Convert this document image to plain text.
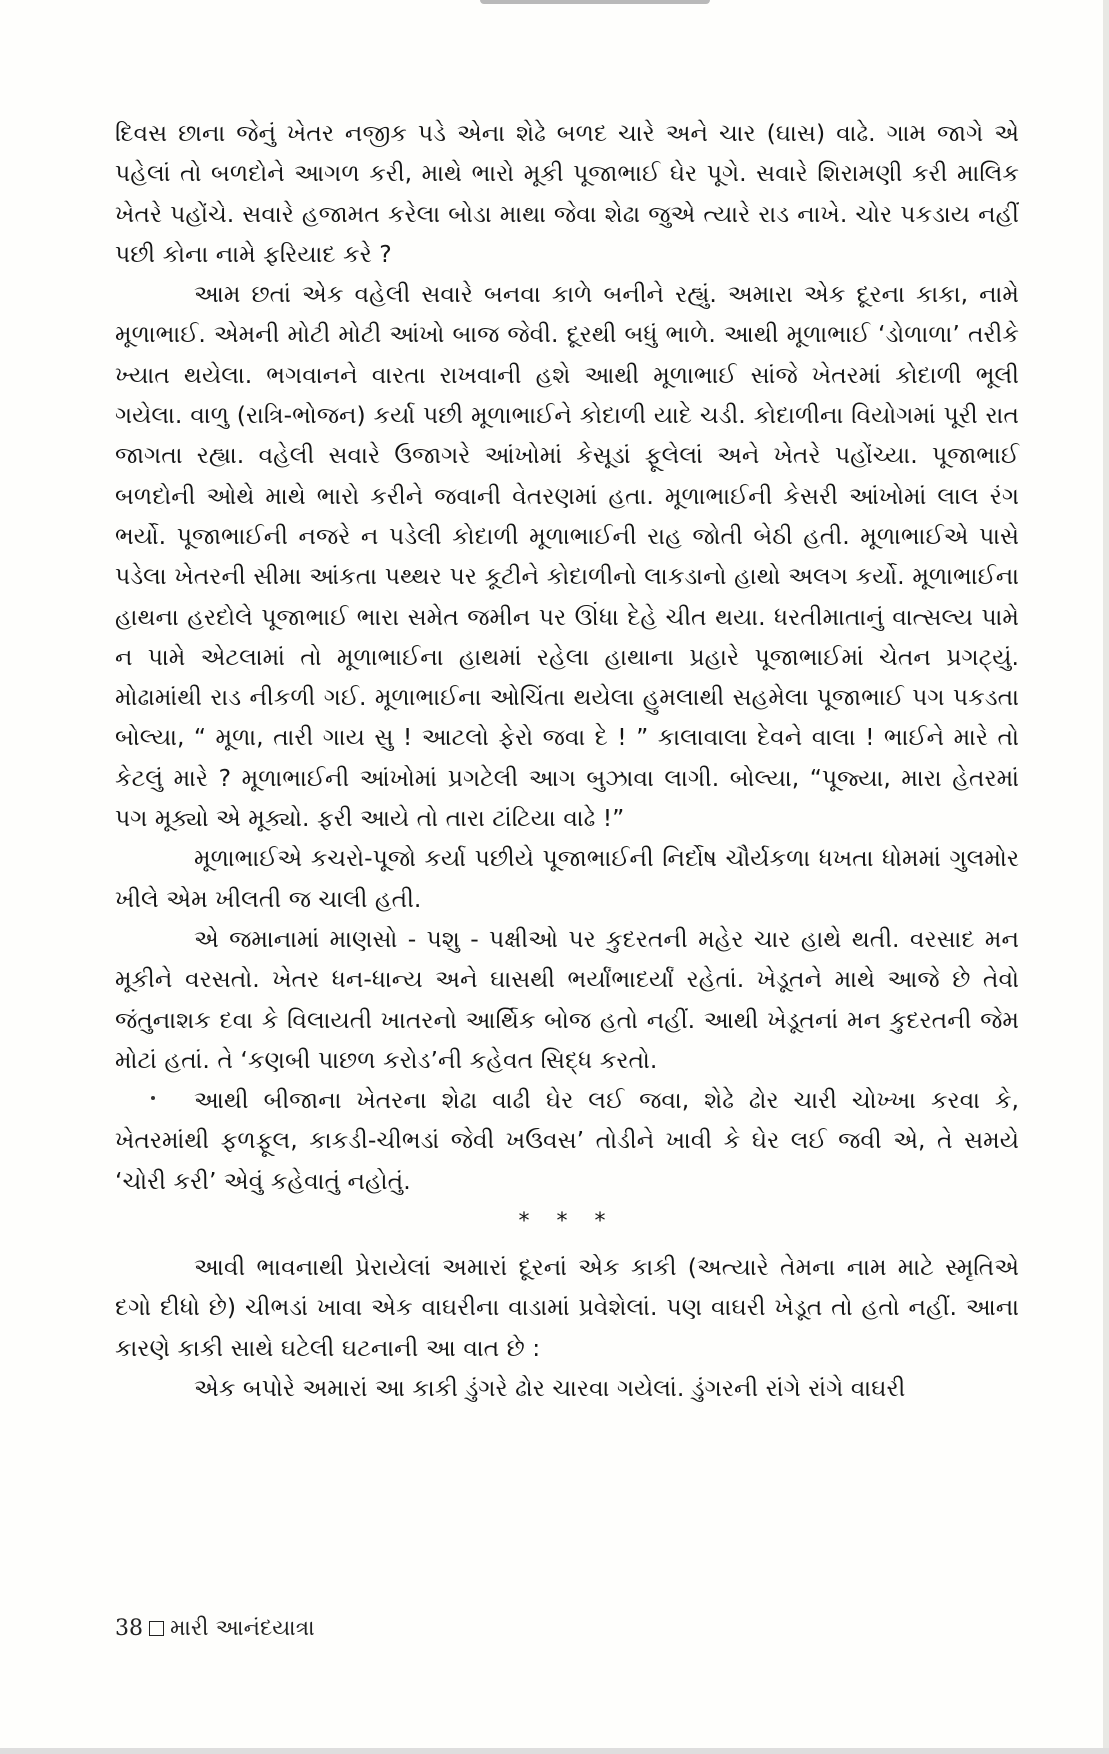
દિવસ છાના જેનું ખેતર નજીક પડે એના શેઢે બળદ ચારે અને ચાર (ઘાસ) વાઢે. ગામ જાગે એ પહેલાં તો બળદોને આગળ કરી, માથે ભારો મૂકી પૂજાભાઈ ઘેર પૂગે. સવારે શિરામણી કરી માલિક ખેતરે પહોંચે. સવારે હજામત કરેલા બોડા માથા જેવા શેઢા જુએ ત્યારે રાડ નાખે. ચોર પકડાય નહીં પછી કોના નામે ફરિયાદ કરે ?

આમ છતાં એક વહેલી સવારે બનવા કાળે બનીને રહ્યું. અમારા એક દૂરના કાકા, નામે મૂળાભાઈ. એમની મોટી મોટી આંખો બાજ જેવી. દૂરથી બધું ભાળે. આથી મૂળાભાઈ ‘ડોળાળા’ તરીકે ખ્યાત થયેલા. ભગવાનને વારતા રાખવાની હશે આથી મૂળાભાઈ સાંજે ખેતરમાં કોદાળી ભૂલી ગયેલા. વાળુ (રાત્રિ-ભોજન) કર્યા પછી મૂળાભાઈને કોદાળી યાદે ચડી. કોદાળીના વિયોગમાં પૂરી રાત જાગતા રહ્યા. વહેલી સવારે ઉજાગરે આંખોમાં કેસૂડાં ફૂલેલાં અને ખેતરે પહોંચ્યા. પૂજાભાઈ બળદોની ઓથે માથે ભારો કરીને જવાની વેતરણમાં હતા. મૂળાભાઈની કેસરી આંખોમાં લાલ રંગ ભર્યો. પૂજાભાઈની નજરે ન પડેલી કોદાળી મૂળાભાઈની રાહ જોતી બેઠી હતી. મૂળાભાઈએ પાસે પડેલા ખેતરની સીમા આંકતા પથ્થર પર કૂટીને કોદાળીનો લાકડાનો હાથો અલગ કર્યો. મૂળાભાઈના હાથના હરદોલે પૂજાભાઈ ભારા સમેત જમીન પર ઊંધા દેહે ચીત થયા. ધરતીમાતાનું વાત્સલ્ય પામે ન પામે એટલામાં તો મૂળાભાઈના હાથમાં રહેલા હાથાના પ્રહારે પૂજાભાઈમાં ચેતન પ્રગટ્યું. મોઢામાંથી રાડ નીકળી ગઈ. મૂળાભાઈના ઓચિંતા થયેલા હુમલાથી સહમેલા પૂજાભાઈ પગ પકડતા બોલ્યા, “ મૂળા, તારી ગાય સુ ! આટલો ફેરો જવા દે ! ” કાલાવાલા દેવને વાલા ! ભાઈને મારે તો કેટલું મારે ? મૂળાભાઈની આંખોમાં પ્રગટેલી આગ બુઝાવા લાગી. બોલ્યા, “પૂજ્યા, મારા હેતરમાં પગ મૂક્યો એ મૂક્યો. ફરી આયે તો તારા ટાંટિયા વાઢે !”

મૂળાભાઈએ કચરો-પૂજો કર્યા પછીયે પૂજાભાઈની નિર્દોષ ચૌર્યકળા ધખતા ધોમમાં ગુલમોર ખીલે એમ ખીલતી જ ચાલી હતી.

એ જમાનામાં માણસો - પશુ - પક્ષીઓ પર કુદરતની મહેર ચાર હાથે થતી. વરસાદ મન મૂકીને વરસતો. ખેતર ધન-ધાન્ય અને ઘાસથી ભર્યાંભાદર્યાં રહેતાં. ખેડૂતને માથે આજે છે તેવો જંતુનાશક દવા કે વિલાયતી ખાતરનો આર્થિક બોજ હતો નહીં. આથી ખેડૂતનાં મન કુદરતની જેમ મોટાં હતાં. તે ‘કણબી પાછળ કરોડ’ની કહેવત સિદ્ધ કરતો.

આથી બીજાના ખેતરના શેઢા વાઢી ઘેર લઈ જવા, શેઢે ઢોર ચારી ચોખ્ખા કરવા કે, ખેતરમાંથી ફળફૂલ, કાકડી-ચીભડાં જેવી ખઉવસ’ તોડીને ખાવી કે ઘેર લઈ જવી એ, તે સમયે ‘ચોરી કરી’ એવું કહેવાતું નહોતું.

* * *

આવી ભાવનાથી પ્રેરાયેલાં અમારાં દૂરનાં એક કાકી (અત્યારે તેમના નામ માટે સ્મૃતિએ દગો દીધો છે) ચીભડાં ખાવા એક વાઘરીના વાડામાં પ્રવેશેલાં. પણ વાઘરી ખેડૂત તો હતો નહીં. આના કારણે કાકી સાથે ઘટેલી ઘટનાની આ વાત છે :

એક બપોરે અમારાં આ કાકી ડુંગરે ઢોર ચારવા ગયેલાં. ડુંગરની રાંગે રાંગે વાઘરી

38 મારી આનંદયાત્રા
